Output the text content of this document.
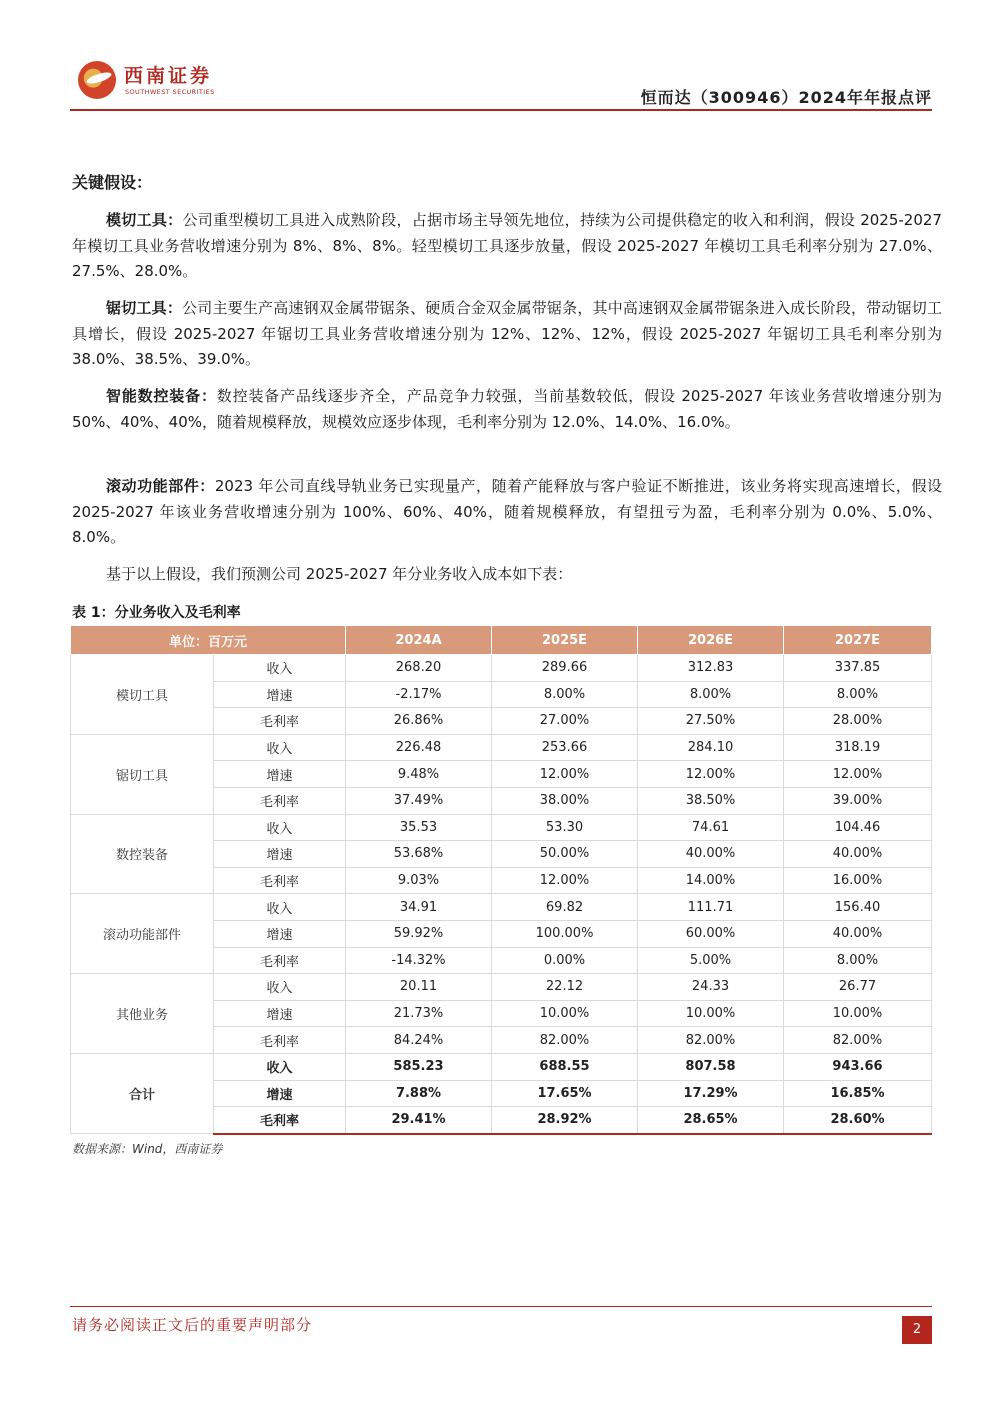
西南证券
SOUTHWEST SECURITIES	恒而达（300946）2024年年报点评
关键假设：

模切工具：公司重型模切工具进入成熟阶段，占据市场主导领先地位，持续为公司提供稳定的收入和利润，假设 2025-2027 年模切工具业务营收增速分别为 8%、8%、8%。轻型模切工具逐步放量，假设 2025-2027 年模切工具毛利率分别为 27.0%、27.5%、28.0%。

锯切工具：公司主要生产高速钢双金属带锯条、硬质合金双金属带锯条，其中高速钢双金属带锯条进入成长阶段，带动锯切工具增长，假设 2025-2027 年锯切工具业务营收增速分别为 12%、12%、12%，假设 2025-2027 年锯切工具毛利率分别为 38.0%、38.5%、39.0%。

智能数控装备：数控装备产品线逐步齐全，产品竞争力较强，当前基数较低，假设 2025-2027 年该业务营收增速分别为 50%、40%、40%，随着规模释放，规模效应逐步体现，毛利率分别为 12.0%、14.0%、16.0%。

滚动功能部件：2023 年公司直线导轨业务已实现量产，随着产能释放与客户验证不断推进，该业务将实现高速增长，假设 2025-2027 年该业务营收增速分别为 100%、60%、40%，随着规模释放，有望扭亏为盈，毛利率分别为 0.0%、5.0%、8.0%。

基于以上假设，我们预测公司 2025-2027 年分业务收入成本如下表：

表 1：分业务收入及毛利率
单位：百万元		2024A	2025E	2026E	2027E
模切工具	收入	268.20	289.66	312.83	337.85
	增速	-2.17%	8.00%	8.00%	8.00%
	毛利率	26.86%	27.00%	27.50%	28.00%
锯切工具	收入	226.48	253.66	284.10	318.19
	增速	9.48%	12.00%	12.00%	12.00%
	毛利率	37.49%	38.00%	38.50%	39.00%
数控装备	收入	35.53	53.30	74.61	104.46
	增速	53.68%	50.00%	40.00%	40.00%
	毛利率	9.03%	12.00%	14.00%	16.00%
滚动功能部件	收入	34.91	69.82	111.71	156.40
	增速	59.92%	100.00%	60.00%	40.00%
	毛利率	-14.32%	0.00%	5.00%	8.00%
其他业务	收入	20.11	22.12	24.33	26.77
	增速	21.73%	10.00%	10.00%	10.00%
	毛利率	84.24%	82.00%	82.00%	82.00%
合计	收入	585.23	688.55	807.58	943.66
	增速	7.88%	17.65%	17.29%	16.85%
	毛利率	29.41%	28.92%	28.65%	28.60%
数据来源：Wind，西南证券
请务必阅读正文后的重要声明部分	2
